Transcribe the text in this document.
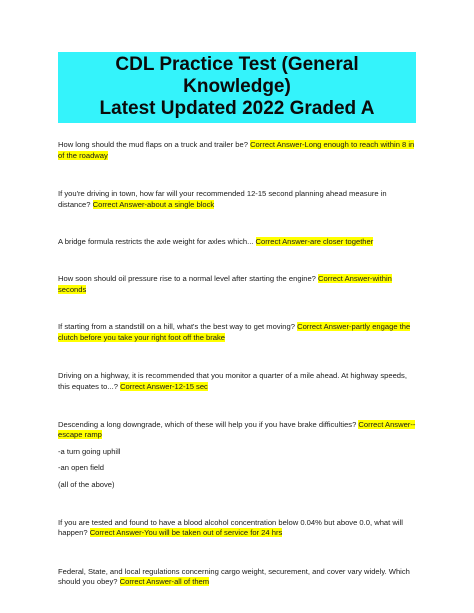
CDL Practice Test (General Knowledge)
Latest Updated 2022 Graded A

How long should the mud flaps on a truck and trailer be? Correct Answer-Long enough to reach within 8 in of the roadway

If you're driving in town, how far will your recommended 12-15 second planning ahead measure in distance? Correct Answer-about a single block

A bridge formula restricts the axle weight for axles which... Correct Answer-are closer together

How soon should oil pressure rise to a normal level after starting the engine? Correct Answer-within seconds

If starting from a standstill on a hill, what's the best way to get moving? Correct Answer-partly engage the clutch before you take your right foot off the brake

Driving on a highway, it is recommended that you monitor a quarter of a mile ahead. At highway speeds, this equates to...? Correct Answer-12-15 sec

Descending a long downgrade, which of these will help you if you have brake difficulties? Correct Answer--escape ramp

-a turn going uphill

-an open field

(all of the above)

If you are tested and found to have a blood alcohol concentration below 0.04% but above 0.0, what will happen? Correct Answer-You will be taken out of service for 24 hrs

Federal, State, and local regulations concerning cargo weight, securement, and cover vary widely. Which should you obey? Correct Answer-all of them
